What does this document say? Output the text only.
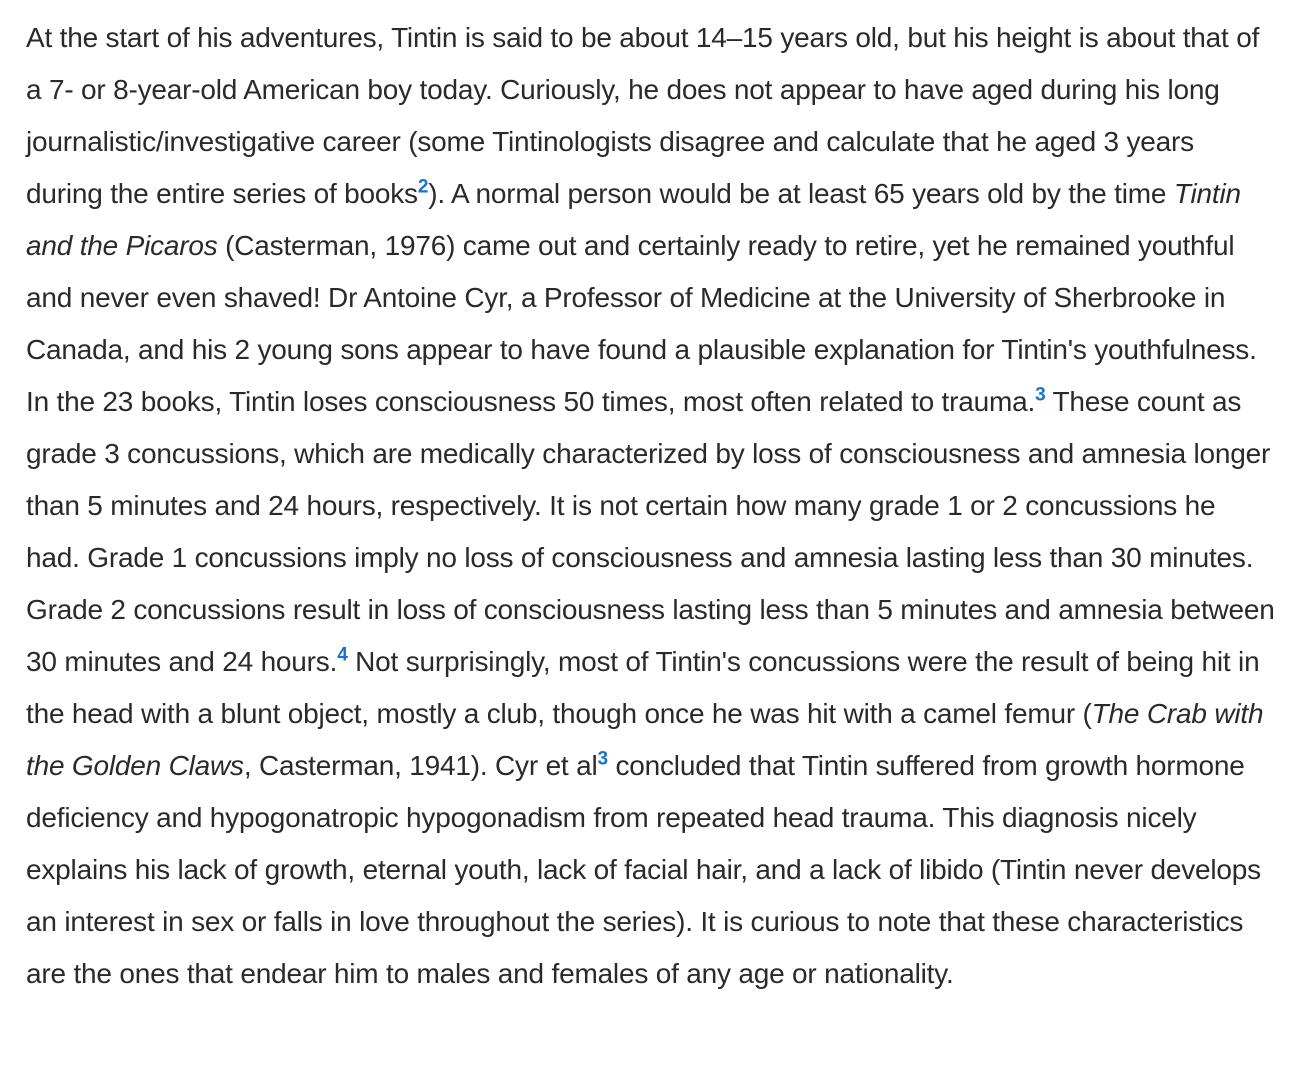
At the start of his adventures, Tintin is said to be about 14–15 years old, but his height is about that of a 7- or 8-year-old American boy today. Curiously, he does not appear to have aged during his long journalistic/investigative career (some Tintinologists disagree and calculate that he aged 3 years during the entire series of books$^2$). A normal person would be at least 65 years old by the time Tintin and the Picaros (Casterman, 1976) came out and certainly ready to retire, yet he remained youthful and never even shaved! Dr Antoine Cyr, a Professor of Medicine at the University of Sherbrooke in Canada, and his 2 young sons appear to have found a plausible explanation for Tintin's youthfulness. In the 23 books, Tintin loses consciousness 50 times, most often related to trauma.$^3$ These count as grade 3 concussions, which are medically characterized by loss of consciousness and amnesia longer than 5 minutes and 24 hours, respectively. It is not certain how many grade 1 or 2 concussions he had. Grade 1 concussions imply no loss of consciousness and amnesia lasting less than 30 minutes. Grade 2 concussions result in loss of consciousness lasting less than 5 minutes and amnesia between 30 minutes and 24 hours.$^4$ Not surprisingly, most of Tintin's concussions were the result of being hit in the head with a blunt object, mostly a club, though once he was hit with a camel femur (The Crab with the Golden Claws, Casterman, 1941). Cyr et al$^3$ concluded that Tintin suffered from growth hormone deficiency and hypogonatropic hypogonadism from repeated head trauma. This diagnosis nicely explains his lack of growth, eternal youth, lack of facial hair, and a lack of libido (Tintin never develops an interest in sex or falls in love throughout the series). It is curious to note that these characteristics are the ones that endear him to males and females of any age or nationality.
